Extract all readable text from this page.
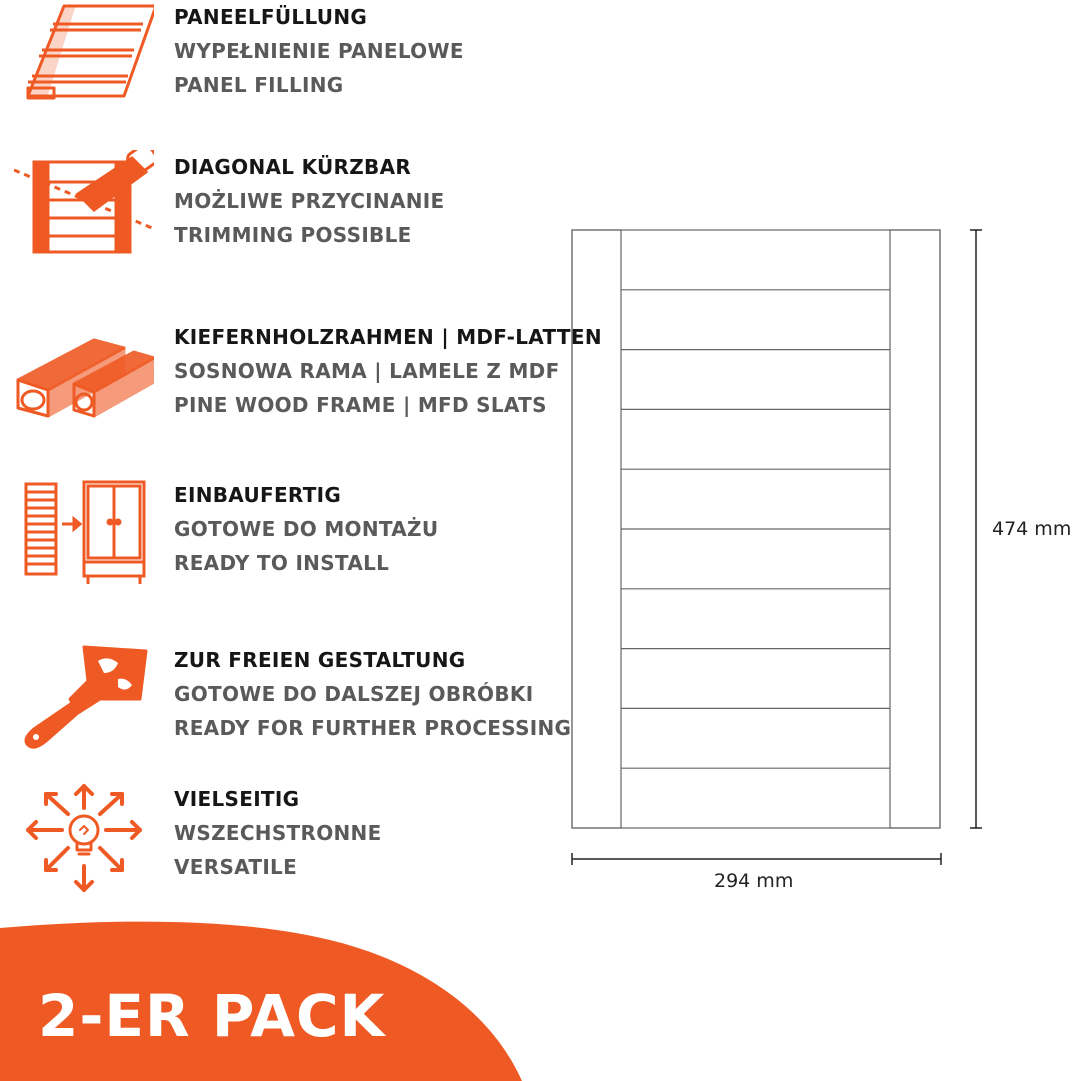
PANEELFÜLLUNG
WYPEŁNIENIE PANELOWE
PANEL FILLING
DIAGONAL KÜRZBAR
MOŻLIWE PRZYCINANIE
TRIMMING POSSIBLE
KIEFERNHOLZRAHMEN | MDF-LATTEN
SOSNOWA RAMA | LAMELE Z MDF
PINE WOOD FRAME | MFD SLATS
EINBAUFERTIG
GOTOWE DO MONTAŻU
READY TO INSTALL
ZUR FREIEN GESTALTUNG
GOTOWE DO DALSZEJ OBRÓBKI
READY FOR FURTHER PROCESSING
VIELSEITIG
WSZECHSTRONNE
VERSATILE
474 mm
294 mm
2-ER PACK
